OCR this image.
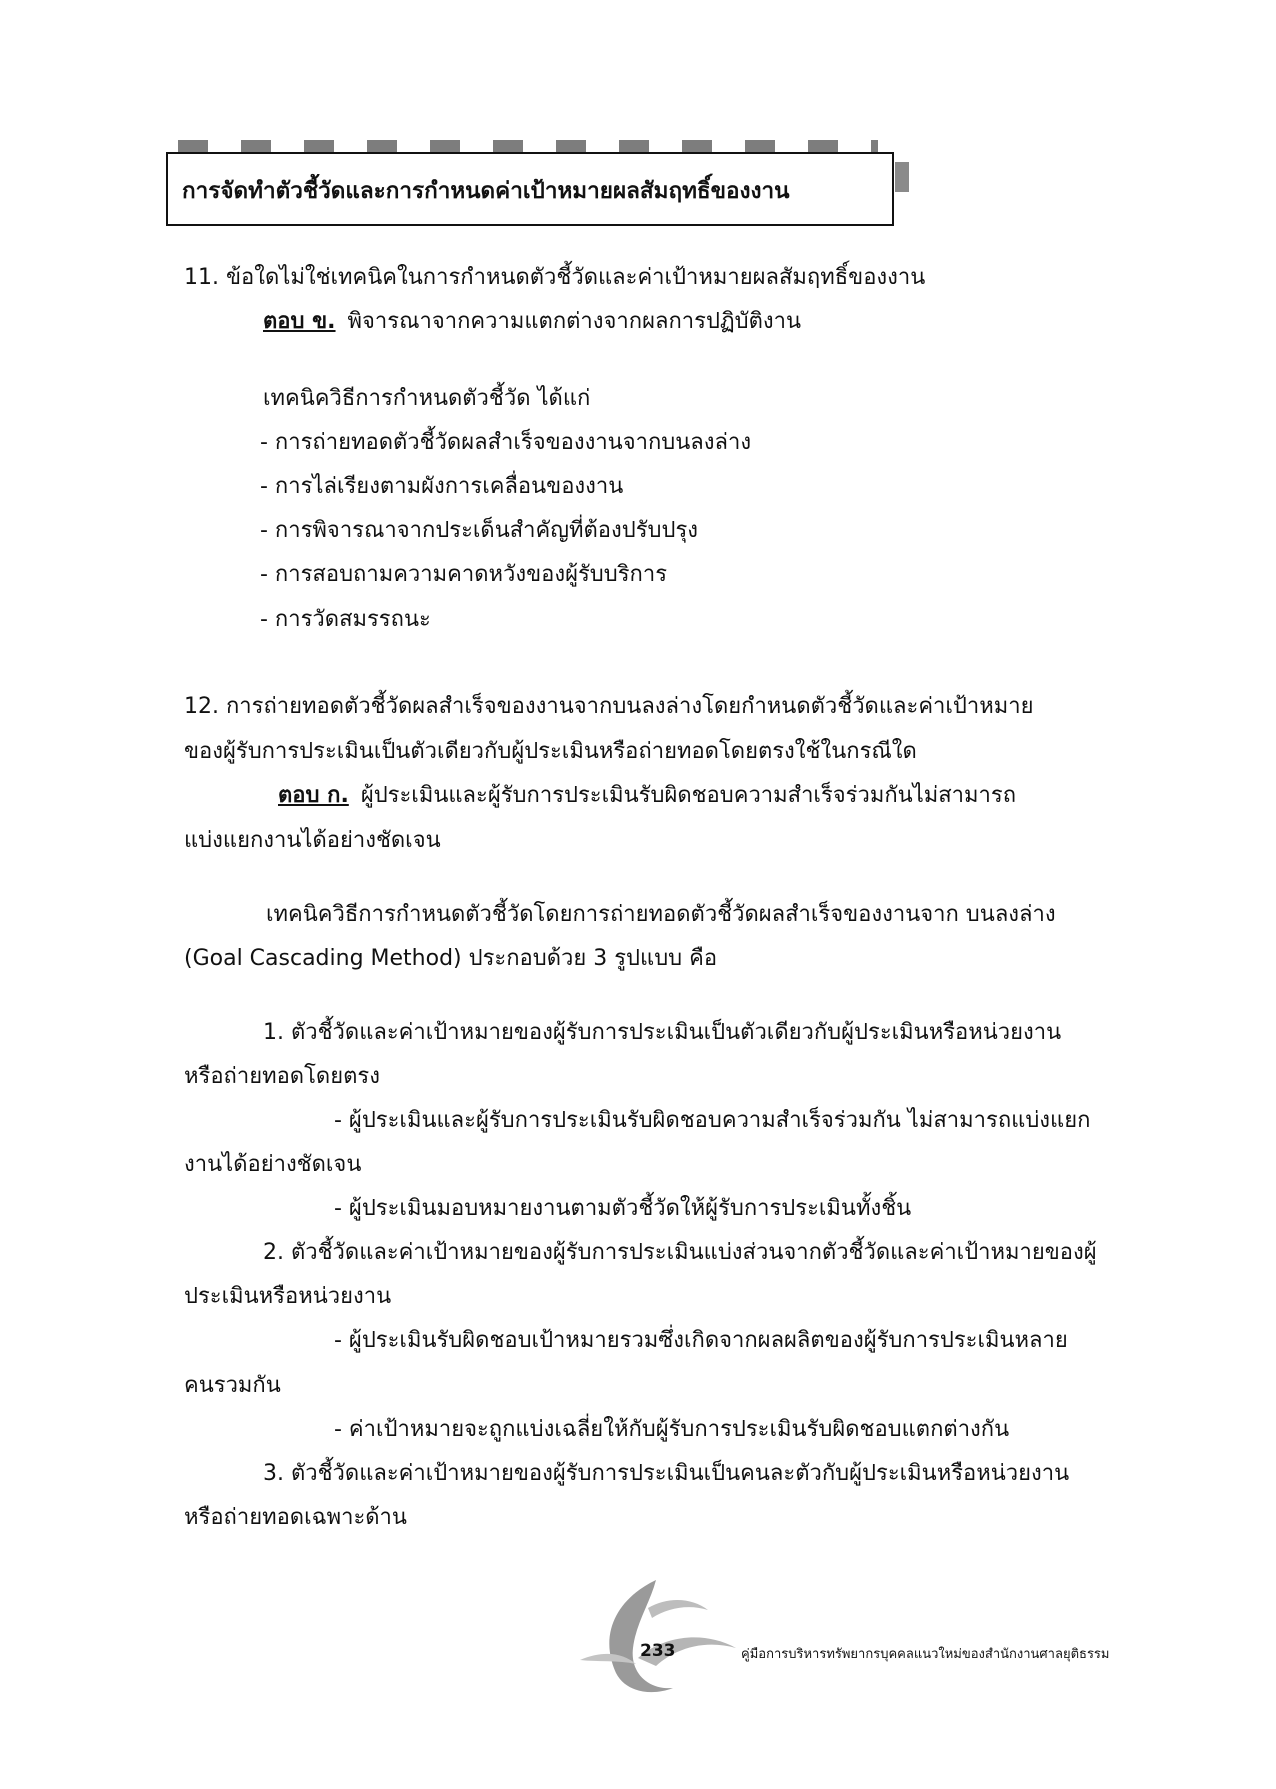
การจัดทำตัวชี้วัดและการกำหนดค่าเป้าหมายผลสัมฤทธิ์ของงาน
11. ข้อใดไม่ใช่เทคนิคในการกำหนดตัวชี้วัดและค่าเป้าหมายผลสัมฤทธิ์ของงาน
ตอบ ข. พิจารณาจากความแตกต่างจากผลการปฏิบัติงาน
เทคนิควิธีการกำหนดตัวชี้วัด ได้แก่
- การถ่ายทอดตัวชี้วัดผลสำเร็จของงานจากบนลงล่าง
- การไล่เรียงตามผังการเคลื่อนของงาน
- การพิจารณาจากประเด็นสำคัญที่ต้องปรับปรุง
- การสอบถามความคาดหวังของผู้รับบริการ
- การวัดสมรรถนะ
12. การถ่ายทอดตัวชี้วัดผลสำเร็จของงานจากบนลงล่างโดยกำหนดตัวชี้วัดและค่าเป้าหมาย
ของผู้รับการประเมินเป็นตัวเดียวกับผู้ประเมินหรือถ่ายทอดโดยตรงใช้ในกรณีใด
ตอบ ก. ผู้ประเมินและผู้รับการประเมินรับผิดชอบความสำเร็จร่วมกันไม่สามารถ
แบ่งแยกงานได้อย่างชัดเจน
เทคนิควิธีการกำหนดตัวชี้วัดโดยการถ่ายทอดตัวชี้วัดผลสำเร็จของงานจาก บนลงล่าง
(Goal Cascading Method) ประกอบด้วย 3 รูปแบบ คือ
1. ตัวชี้วัดและค่าเป้าหมายของผู้รับการประเมินเป็นตัวเดียวกับผู้ประเมินหรือหน่วยงาน
หรือถ่ายทอดโดยตรง
- ผู้ประเมินและผู้รับการประเมินรับผิดชอบความสำเร็จร่วมกัน ไม่สามารถแบ่งแยก
งานได้อย่างชัดเจน
- ผู้ประเมินมอบหมายงานตามตัวชี้วัดให้ผู้รับการประเมินทั้งชิ้น
2. ตัวชี้วัดและค่าเป้าหมายของผู้รับการประเมินแบ่งส่วนจากตัวชี้วัดและค่าเป้าหมายของผู้
ประเมินหรือหน่วยงาน
- ผู้ประเมินรับผิดชอบเป้าหมายรวมซึ่งเกิดจากผลผลิตของผู้รับการประเมินหลาย
คนรวมกัน
- ค่าเป้าหมายจะถูกแบ่งเฉลี่ยให้กับผู้รับการประเมินรับผิดชอบแตกต่างกัน
3. ตัวชี้วัดและค่าเป้าหมายของผู้รับการประเมินเป็นคนละตัวกับผู้ประเมินหรือหน่วยงาน
หรือถ่ายทอดเฉพาะด้าน
233	คู่มือการบริหารทรัพยากรบุคคลแนวใหม่ของสำนักงานศาลยุติธรรม
